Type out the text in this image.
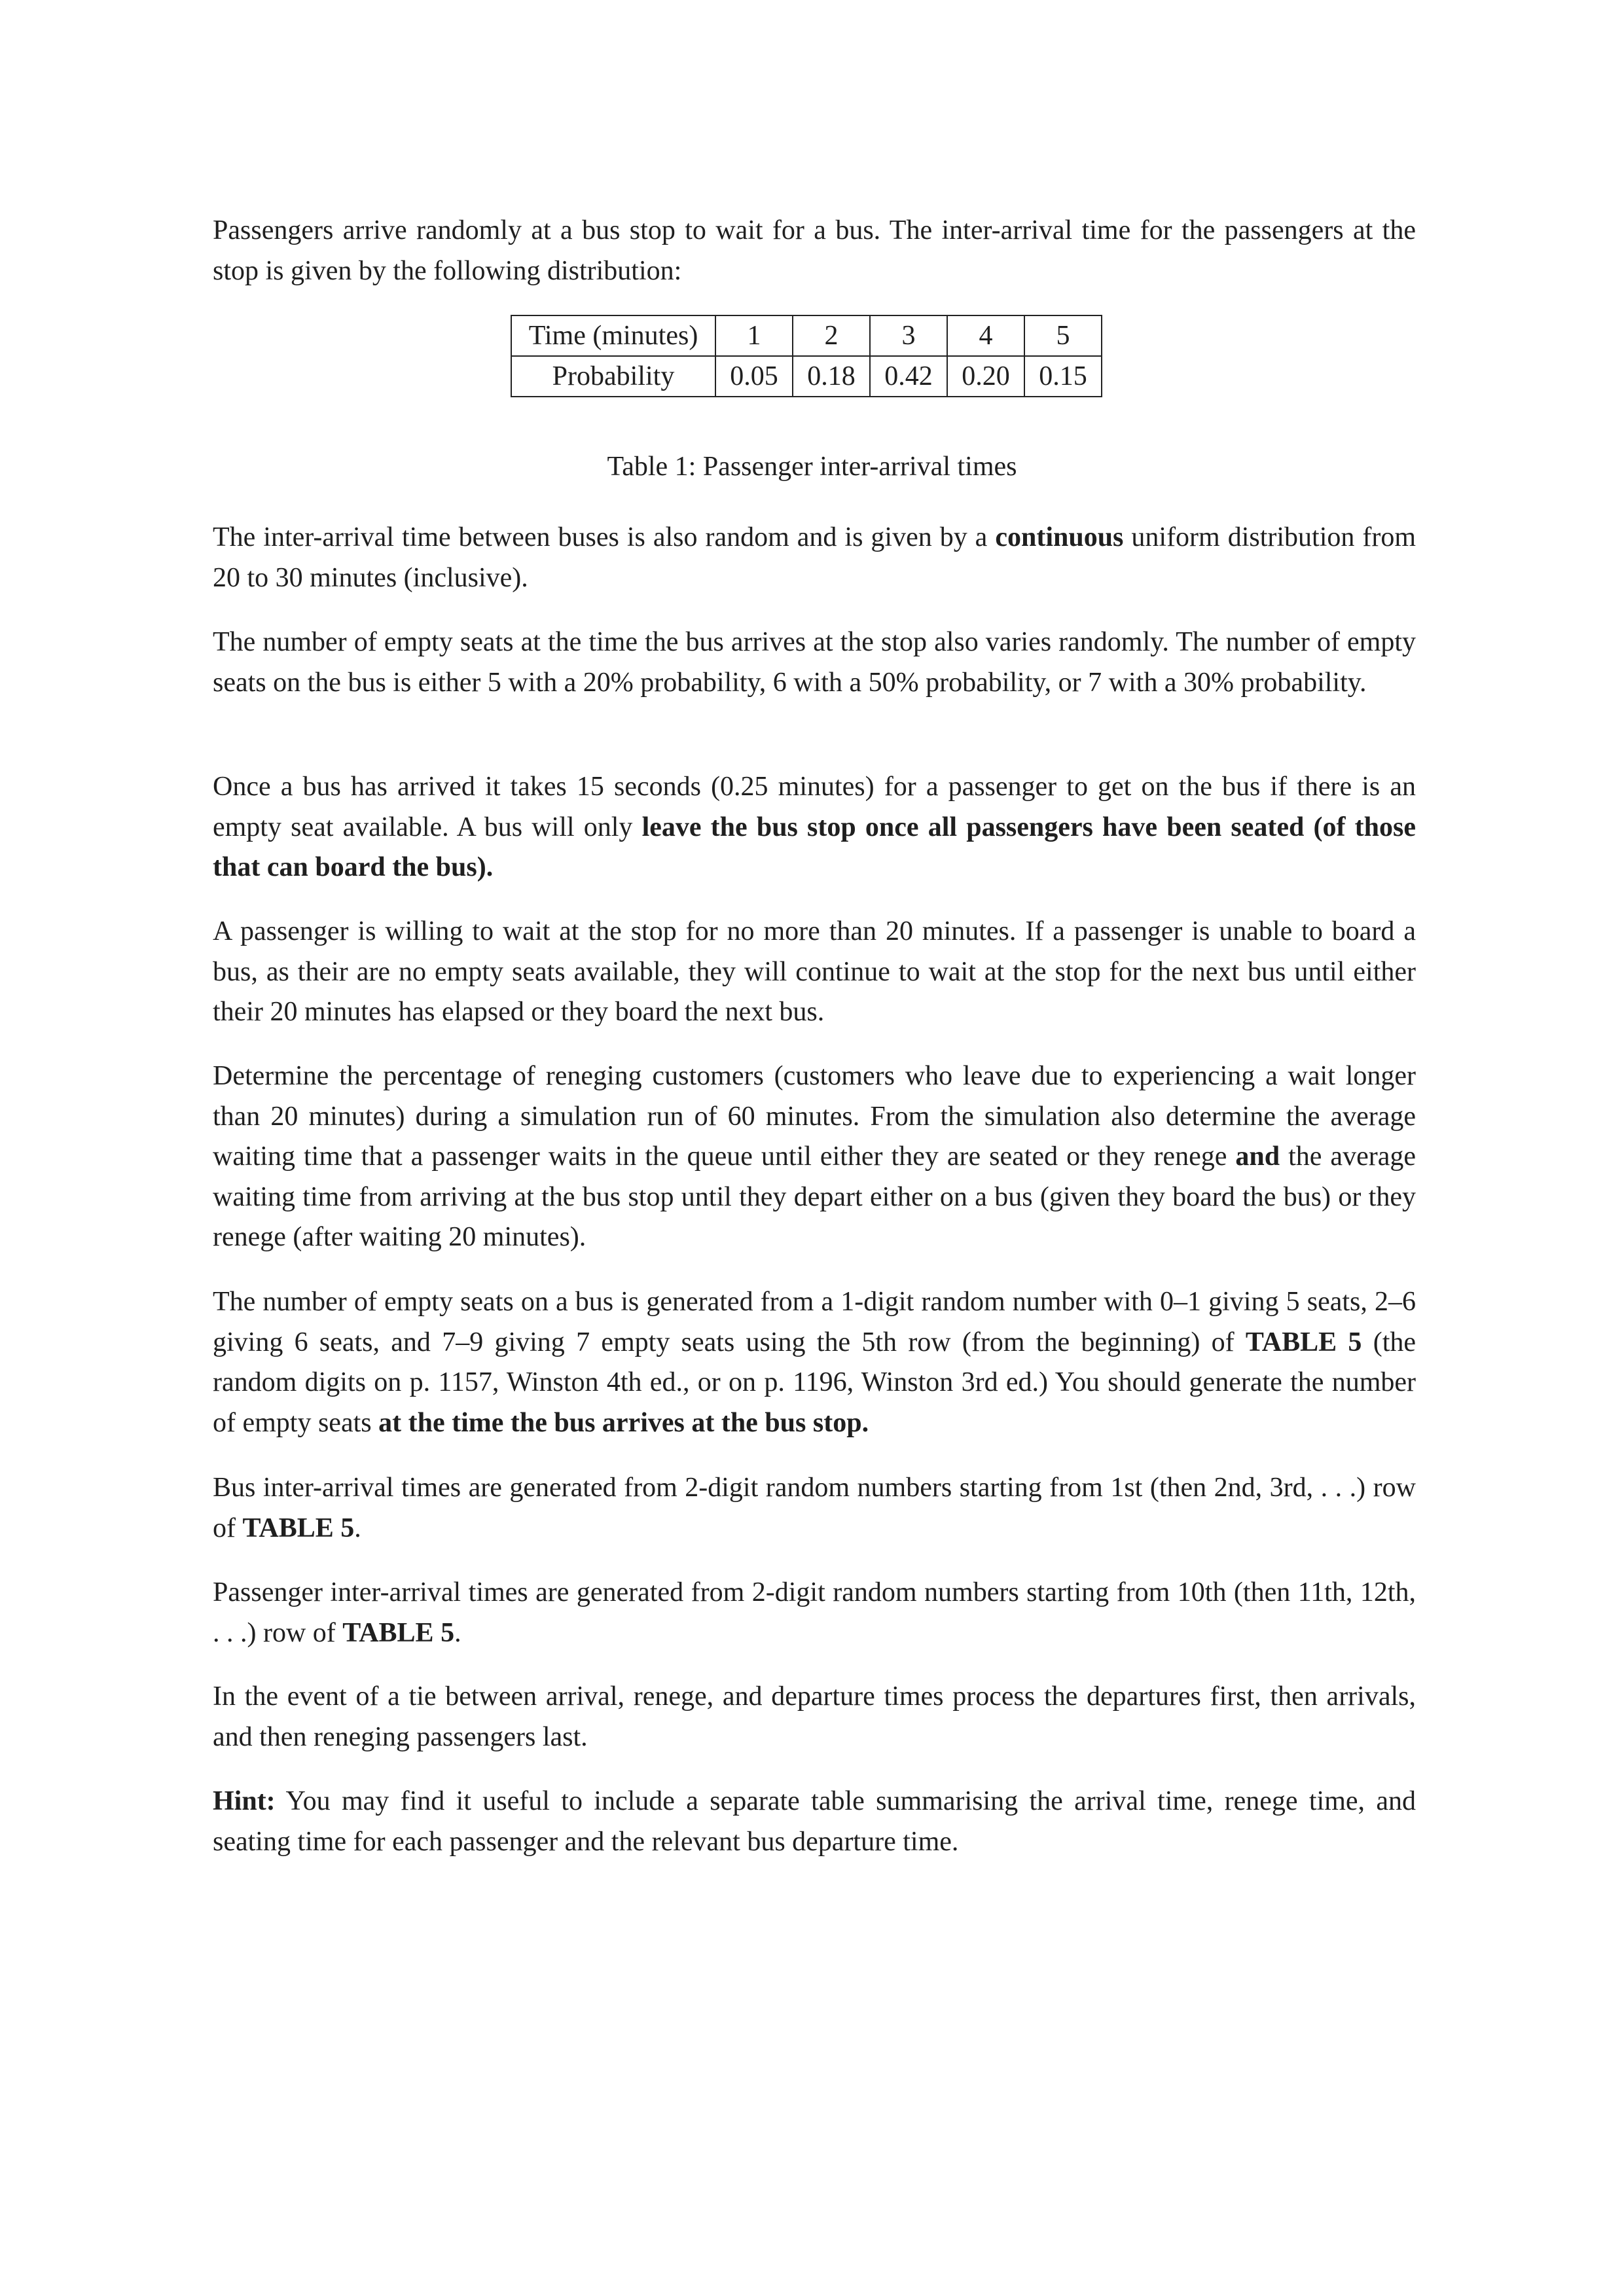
Passengers arrive randomly at a bus stop to wait for a bus. The inter-arrival time for the passengers at the stop is given by the following distribution:

Time (minutes)	1	2	3	4	5
Probability	0.05	0.18	0.42	0.20	0.15
Table 1: Passenger inter-arrival times

The inter-arrival time between buses is also random and is given by a continuous uniform distribution from 20 to 30 minutes (inclusive).

The number of empty seats at the time the bus arrives at the stop also varies randomly. The number of empty seats on the bus is either 5 with a 20% probability, 6 with a 50% probability, or 7 with a 30% probability.

Once a bus has arrived it takes 15 seconds (0.25 minutes) for a passenger to get on the bus if there is an empty seat available. A bus will only leave the bus stop once all passengers have been seated (of those that can board the bus).

A passenger is willing to wait at the stop for no more than 20 minutes. If a passenger is unable to board a bus, as their are no empty seats available, they will continue to wait at the stop for the next bus until either their 20 minutes has elapsed or they board the next bus.

Determine the percentage of reneging customers (customers who leave due to experiencing a wait longer than 20 minutes) during a simulation run of 60 minutes. From the simulation also determine the average waiting time that a passenger waits in the queue until either they are seated or they renege and the average waiting time from arriving at the bus stop until they depart either on a bus (given they board the bus) or they renege (after waiting 20 minutes).

The number of empty seats on a bus is generated from a 1-digit random number with 0–1 giving 5 seats, 2–6 giving 6 seats, and 7–9 giving 7 empty seats using the 5th row (from the beginning) of TABLE 5 (the random digits on p. 1157, Winston 4th ed., or on p. 1196, Winston 3rd ed.) You should generate the number of empty seats at the time the bus arrives at the bus stop.

Bus inter-arrival times are generated from 2-digit random numbers starting from 1st (then 2nd, 3rd, . . .) row of TABLE 5.

Passenger inter-arrival times are generated from 2-digit random numbers starting from 10th (then 11th, 12th, . . .) row of TABLE 5.

In the event of a tie between arrival, renege, and departure times process the departures first, then arrivals, and then reneging passengers last.

Hint: You may find it useful to include a separate table summarising the arrival time, renege time, and seating time for each passenger and the relevant bus departure time.
